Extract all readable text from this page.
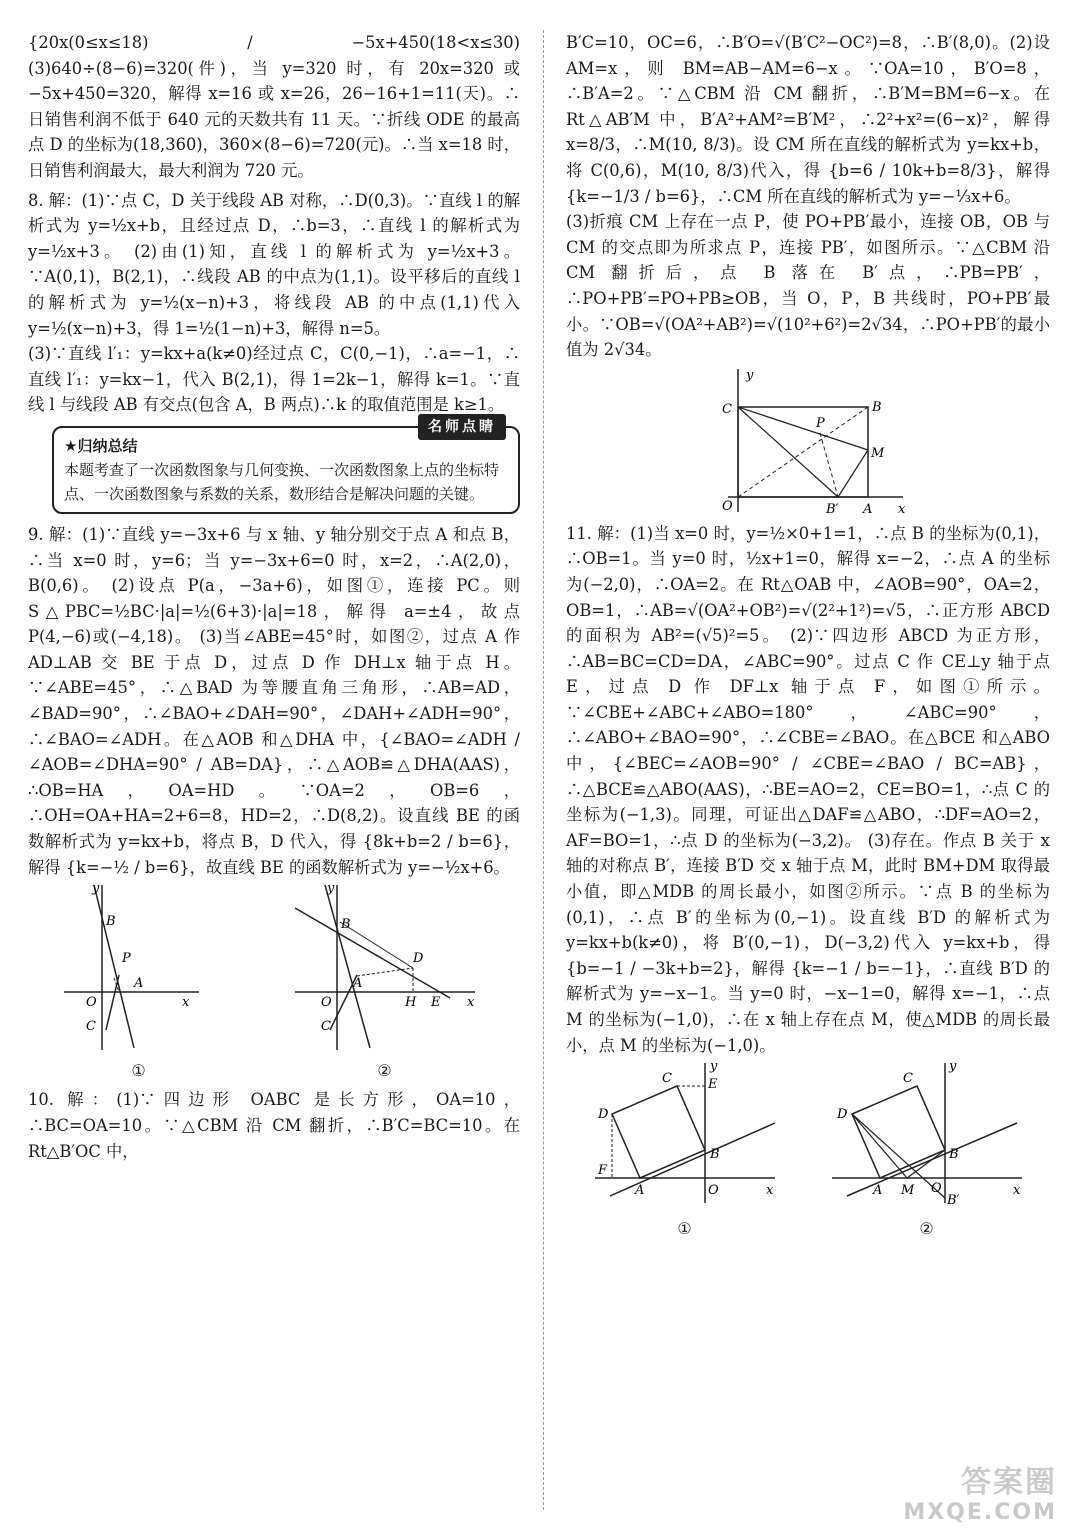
{20x(0≤x≤18) / −5x+450(18<x≤30) (3)640÷(8−6)=320(件)，当 y=320 时，有 20x=320 或 −5x+450=320，解得 x=16 或 x=26，26−16+1=11(天)。∴日销售利润不低于 640 元的天数共有 11 天。∵折线 ODE 的最高点 D 的坐标为(18,360)，360×(8−6)=720(元)。∴当 x=18 时，日销售利润最大，最大利润为 720 元。

8. 解：(1)∵点 C，D 关于线段 AB 对称，∴D(0,3)。∵直线 l 的解析式为 y=½x+b，且经过点 D，∴b=3，∴直线 l 的解析式为 y=½x+3。 (2)由(1)知，直线 l 的解析式为 y=½x+3。∵A(0,1)，B(2,1)，∴线段 AB 的中点为(1,1)。设平移后的直线 l 的解析式为 y=½(x−n)+3，将线段 AB 的中点(1,1)代入 y=½(x−n)+3，得 1=½(1−n)+3，解得 n=5。

(3)∵直线 l′₁：y=kx+a(k≠0)经过点 C，C(0,−1)，∴a=−1，∴直线 l′₁：y=kx−1，代入 B(2,1)，得 1=2k−1，解得 k=1。∵直线 l 与线段 AB 有交点(包含 A，B 两点)∴k 的取值范围是 k≥1。

名师点睛
★归纳总结
本题考查了一次函数图象与几何变换、一次函数图象上点的坐标特点、一次函数图象与系数的关系，数形结合是解决问题的关键。

9. 解：(1)∵直线 y=−3x+6 与 x 轴、y 轴分别交于点 A 和点 B，∴当 x=0 时，y=6；当 y=−3x+6=0 时，x=2，∴A(2,0)，B(0,6)。 (2)设点 P(a，−3a+6)，如图①，连接 PC。则 S△PBC=½BC·|a|=½(6+3)·|a|=18，解得 a=±4，故点 P(4,−6)或(−4,18)。 (3)当∠ABE=45°时，如图②，过点 A 作 AD⊥AB 交 BE 于点 D，过点 D 作 DH⊥x 轴于点 H。∵∠ABE=45°，∴△BAD 为等腰直角三角形，∴AB=AD，∠BAD=90°，∴∠BAO+∠DAH=90°，∠DAH+∠ADH=90°，∴∠BAO=∠ADH。在△AOB 和△DHA 中，{∠BAO=∠ADH / ∠AOB=∠DHA=90° / AB=DA}，∴△AOB≌△DHA(AAS)，∴OB=HA，OA=HD。∵OA=2，OB=6，∴OH=OA+HA=2+6=8，HD=2，∴D(8,2)。设直线 BE 的函数解析式为 y=kx+b，将点 B，D 代入，得 {8k+b=2 / b=6}，解得 {k=−½ / b=6}，故直线 BE 的函数解析式为 y=−½x+6。

B
P
A
O
C
x
y
①
B
D
A
O	H E
C
x
y
②

10. 解：(1)∵四边形 OABC 是长方形，OA=10，∴BC=OA=10。∵△CBM 沿 CM 翻折，∴B′C=BC=10。在 Rt△B′OC 中，

B′C=10，OC=6，∴B′O=√(B′C²−OC²)=8，∴B′(8,0)。(2)设 AM=x，则 BM=AB−AM=6−x。∵OA=10，B′O=8，∴B′A=2。∵△CBM 沿 CM 翻折，∴B′M=BM=6−x。在 Rt△AB′M 中，B′A²+AM²=B′M²，∴2²+x²=(6−x)²，解得 x=8/3，∴M(10, 8/3)。设 CM 所在直线的解析式为 y=kx+b，将 C(0,6)，M(10, 8/3)代入，得 {b=6 / 10k+b=8/3}，解得 {k=−1/3 / b=6}，∴CM 所在直线的解析式为 y=−⅓x+6。

(3)折痕 CM 上存在一点 P，使 PO+PB′最小，连接 OB，OB 与 CM 的交点即为所求点 P，连接 PB′，如图所示。∵△CBM 沿 CM 翻折后，点 B 落在 B′点，∴PB=PB′，∴PO+PB′=PO+PB≥OB，当 O，P，B 共线时，PO+PB′最小。∵OB=√(OA²+AB²)=√(10²+6²)=2√34，∴PO+PB′的最小值为 2√34。

C	B
P
M
O	B′ A x
y

11. 解：(1)当 x=0 时，y=½×0+1=1，∴点 B 的坐标为(0,1)，∴OB=1。当 y=0 时，½x+1=0，解得 x=−2，∴点 A 的坐标为(−2,0)，∴OA=2。在 Rt△OAB 中，∠AOB=90°，OA=2，OB=1，∴AB=√(OA²+OB²)=√(2²+1²)=√5，∴正方形 ABCD 的面积为 AB²=(√5)²=5。 (2)∵四边形 ABCD 为正方形，∴AB=BC=CD=DA，∠ABC=90°。过点 C 作 CE⊥y 轴于点 E，过点 D 作 DF⊥x 轴于点 F，如图①所示。∵∠CBE+∠ABC+∠ABO=180°，∠ABC=90°，∴∠ABO+∠BAO=90°，∴∠CBE=∠BAO。在△BCE 和△ABO 中，{∠BEC=∠AOB=90° / ∠CBE=∠BAO / BC=AB}，∴△BCE≌△ABO(AAS)，∴BE=AO=2，CE=BO=1，∴点 C 的坐标为(−1,3)。同理，可证出△DAF≌△ABO，∴DF=AO=2，AF=BO=1，∴点 D 的坐标为(−3,2)。 (3)存在。作点 B 关于 x 轴的对称点 B′，连接 B′D 交 x 轴于点 M，此时 BM+DM 取得最小值，即△MDB 的周长最小，如图②所示。∵点 B 的坐标为(0,1)，∴点 B′的坐标为(0,−1)。设直线 B′D 的解析式为 y=kx+b(k≠0)，将 B′(0,−1)，D(−3,2)代入 y=kx+b，得 {b=−1 / −3k+b=2}，解得 {k=−1 / b=−1}，∴直线 B′D 的解析式为 y=−x−1。当 y=0 时，−x−1=0，解得 x=−1，∴点 M 的坐标为(−1,0)，∴在 x 轴上存在点 M，使△MDB 的周长最小，点 M 的坐标为(−1,0)。

C	E
D
B
F
A	O	x
y
①
C
D
B
A M O
B′
x
y
②
答案圈
MXQE.COM
